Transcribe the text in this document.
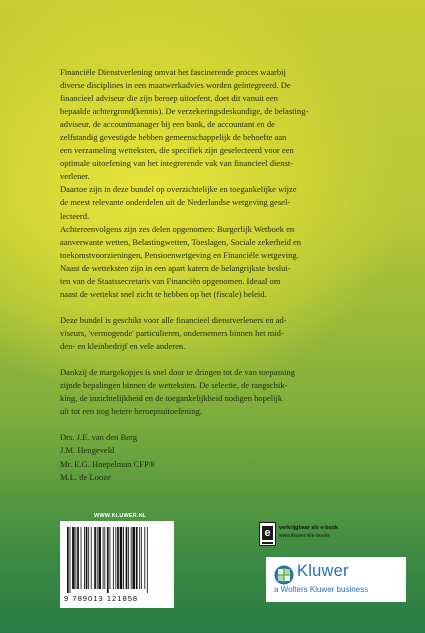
Financiële Dienstverlening omvat het fascinerende proces waarbij
diverse disciplines in een maatwerkadvies worden geïntegreerd. De
financieel adviseur die zijn beroep uitoefent, doet dit vanuit een
bepaalde achtergrond(kennis). De verzekeringsdeskundige, de belasting-
adviseur, de accountmanager bij een bank, de accountant en de
zelfstandig gevestigde hebben gemeenschappelijk de behoefte aan
een verzameling wetteksten, die specifiek zijn geselecteerd voor een
optimale uitoefening van het integrerende vak van financieel dienst-
verlener.
Daartoe zijn in deze bundel op overzichtelijke en toegankelijke wijze
de meest relevante onderdelen uit de Nederlandse wetgeving gesel-
lecteerd.
Achtereenvolgens zijn zes delen opgenomen: Burgerlijk Wetboek en
aanverwante wetten, Belastingwetten, Toeslagen, Sociale zekerheid en
toekomstvoorzieningen, Pensioenwetgeving en Financiële wetgeving.
Naast de wetteksten zijn in een apart katern de belangrijkste beslui-
ten van de Staatssecretaris van Financiën opgenomen. Ideaal om
naast de wettekst snel zicht te hebben op het (fiscale) beleid.

Deze bundel is geschikt voor alle financieel dienstverleners en ad-
viseurs, 'vermogende' particulieren, ondernemers binnen het mid-
den- en kleinbedrijf en vele anderen.

Dankzij de margekopjes is snel door te dringen tot de van toepassing
zijnde bepalingen binnen de wetteksten. De selectie, de rangschik-
king, de inzichtelijkheid en de toegankelijkheid nodigen hopelijk
uit tot een nog betere beroepsuitoefening.

Drs. J.E. van den Berg
J.M. Hengeveld
Mr. E.G. Hoepelman CFP®
M.L. de Looze
WWW.KLUWER.NL
9 789013 121858
e	verkrijgbaar als e-book
www.kluwer.nl/e-books
Kluwer
a Wolters Kluwer business
